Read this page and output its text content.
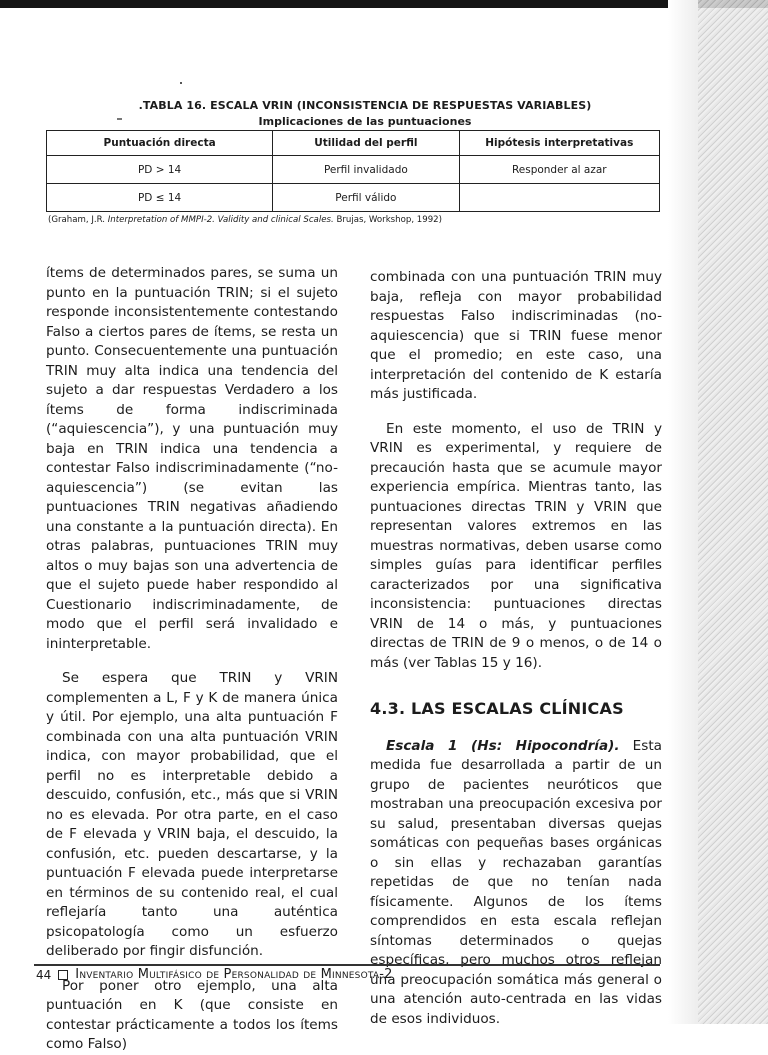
.TABLA 16. ESCALA VRIN (INCONSISTENCIA DE RESPUESTAS VARIABLES)
Implicaciones de las puntuaciones
Puntuación directa	Utilidad del perfil	Hipótesis interpretativas
PD > 14	Perfil invalidado	Responder al azar
PD ≤ 14	Perfil válido	
(Graham, J.R. Interpretation of MMPI-2. Validity and clinical Scales. Brujas, Workshop, 1992)

ítems de determinados pares, se suma un punto en la puntuación TRIN; si el sujeto responde inconsistentemente contestando Falso a ciertos pares de ítems, se resta un punto. Consecuentemente una puntuación TRIN muy alta indica una tendencia del sujeto a dar respuestas Verdadero a los ítems de forma indiscriminada (“aquiescencia”), y una puntuación muy baja en TRIN indica una tendencia a contestar Falso indiscriminadamente (“no-aquiescencia”) (se evitan las puntuaciones TRIN negativas añadiendo una constante a la puntuación directa). En otras palabras, puntuaciones TRIN muy altos o muy bajas son una advertencia de que el sujeto puede haber respondido al Cuestionario indiscriminadamente, de modo que el perfil será invalidado e ininterpretable.

Se espera que TRIN y VRIN complementen a L, F y K de manera única y útil. Por ejemplo, una alta puntuación F combinada con una alta puntuación VRIN indica, con mayor probabilidad, que el perfil no es interpretable debido a descuido, confusión, etc., más que si VRIN no es elevada. Por otra parte, en el caso de F elevada y VRIN baja, el descuido, la confusión, etc. pueden descartarse, y la puntuación F elevada puede interpretarse en términos de su contenido real, el cual reflejaría tanto una auténtica psicopatología como un esfuerzo deliberado por fingir disfunción.

Por poner otro ejemplo, una alta puntuación en K (que consiste en contestar prácticamente a todos los ítems como Falso)

combinada con una puntuación TRIN muy baja, refleja con mayor probabilidad respuestas Falso indiscriminadas (no-aquiescencia) que si TRIN fuese menor que el promedio; en este caso, una interpretación del contenido de K estaría más justificada.

En este momento, el uso de TRIN y VRIN es experimental, y requiere de precaución hasta que se acumule mayor experiencia empírica. Mientras tanto, las puntuaciones directas TRIN y VRIN que representan valores extremos en las muestras normativas, deben usarse como simples guías para identificar perfiles caracterizados por una significativa inconsistencia: puntuaciones directas VRIN de 14 o más, y puntuaciones directas de TRIN de 9 o menos, o de 14 o más (ver Tablas 15 y 16).

4.3. LAS ESCALAS CLÍNICAS

Escala 1 (Hs: Hipocondría). Esta medida fue desarrollada a partir de un grupo de pacientes neuróticos que mostraban una preocupación excesiva por su salud, presentaban diversas quejas somáticas con pequeñas bases orgánicas o sin ellas y rechazaban garantías repetidas de que no tenían nada físicamente. Algunos de los ítems comprendidos en esta escala reflejan síntomas determinados o quejas específicas, pero muchos otros reflejan una preocupación somática más general o una atención auto-centrada en las vidas de esos individuos.

44 Inventario Multifásico de Personalidad de Minnesota-2
